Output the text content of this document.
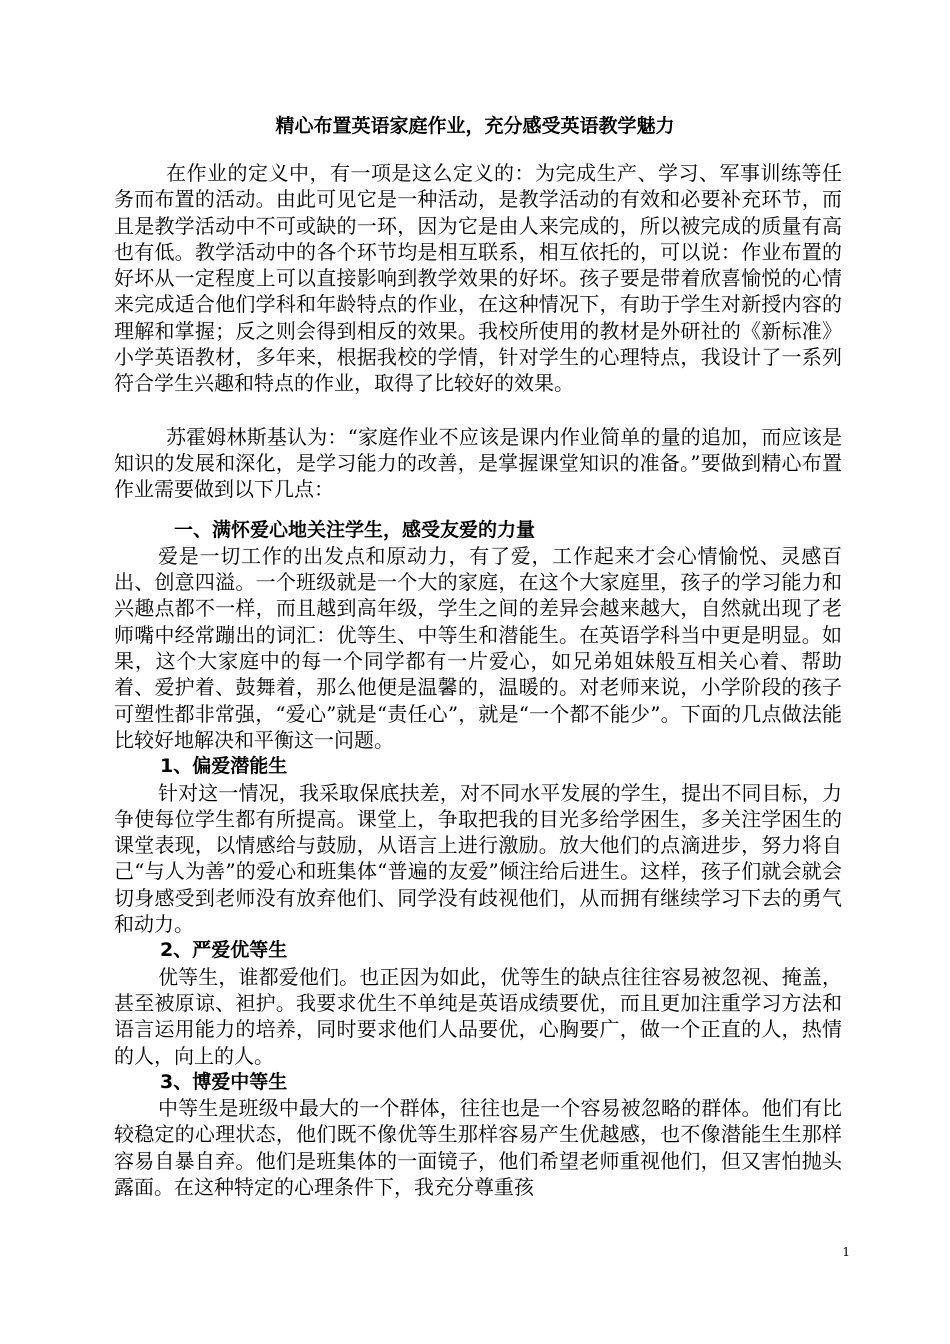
精心布置英语家庭作业，充分感受英语教学魅力

在作业的定义中，有一项是这么定义的：为完成生产、学习、军事训练等任务而布置的活动。由此可见它是一种活动，是教学活动的有效和必要补充环节，而且是教学活动中不可或缺的一环，因为它是由人来完成的，所以被完成的质量有高也有低。教学活动中的各个环节均是相互联系，相互依托的，可以说：作业布置的好坏从一定程度上可以直接影响到教学效果的好坏。孩子要是带着欣喜愉悦的心情来完成适合他们学科和年龄特点的作业，在这种情况下，有助于学生对新授内容的理解和掌握；反之则会得到相反的效果。我校所使用的教材是外研社的《新标准》小学英语教材，多年来，根据我校的学情，针对学生的心理特点，我设计了一系列符合学生兴趣和特点的作业，取得了比较好的效果。

苏霍姆林斯基认为：“家庭作业不应该是课内作业简单的量的追加，而应该是知识的发展和深化，是学习能力的改善，是掌握课堂知识的准备。”要做到精心布置作业需要做到以下几点：

一、满怀爱心地关注学生，感受友爱的力量

爱是一切工作的出发点和原动力，有了爱，工作起来才会心情愉悦、灵感百出、创意四溢。一个班级就是一个大的家庭，在这个大家庭里，孩子的学习能力和兴趣点都不一样，而且越到高年级，学生之间的差异会越来越大，自然就出现了老师嘴中经常蹦出的词汇：优等生、中等生和潜能生。在英语学科当中更是明显。如果，这个大家庭中的每一个同学都有一片爱心，如兄弟姐妹般互相关心着、帮助着、爱护着、鼓舞着，那么他便是温馨的，温暖的。对老师来说，小学阶段的孩子可塑性都非常强，“爱心”就是“责任心”，就是“一个都不能少”。下面的几点做法能比较好地解决和平衡这一问题。

1、偏爱潜能生

针对这一情况，我采取保底扶差，对不同水平发展的学生，提出不同目标，力争使每位学生都有所提高。课堂上，争取把我的目光多给学困生，多关注学困生的课堂表现，以情感给与鼓励，从语言上进行激励。放大他们的点滴进步，努力将自己“与人为善”的爱心和班集体“普遍的友爱”倾注给后进生。这样，孩子们就会就会切身感受到老师没有放弃他们、同学没有歧视他们，从而拥有继续学习下去的勇气和动力。

2、严爱优等生

优等生，谁都爱他们。也正因为如此，优等生的缺点往往容易被忽视、掩盖，甚至被原谅、袒护。我要求优生不单纯是英语成绩要优，而且更加注重学习方法和语言运用能力的培养，同时要求他们人品要优，心胸要广，做一个正直的人，热情的人，向上的人。

3、博爱中等生

中等生是班级中最大的一个群体，往往也是一个容易被忽略的群体。他们有比较稳定的心理状态，他们既不像优等生那样容易产生优越感，也不像潜能生生那样容易自暴自弃。他们是班集体的一面镜子，他们希望老师重视他们，但又害怕抛头露面。在这种特定的心理条件下，我充分尊重孩

1
